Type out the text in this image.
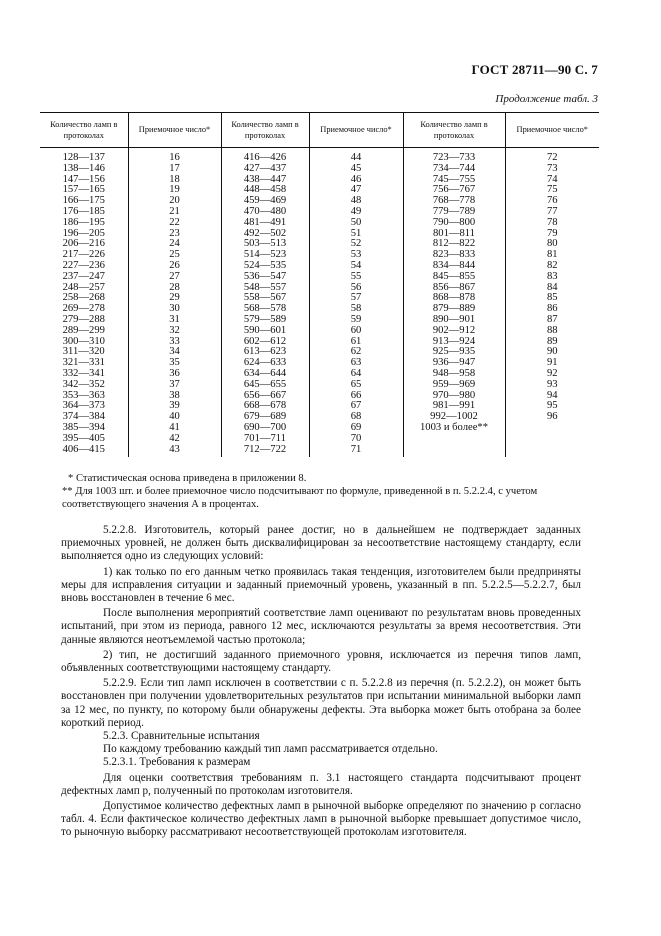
ГОСТ 28711—90 С. 7
Продолжение табл. 3
Количество ламп в протоколах	Приемочное число*	Количество ламп в протоколах	Приемочное число*	Количество ламп в протоколах	Приемочное число*

128—137	16	416—426	44	723—733	72
138—146	17	427—437	45	734—744	73
147—156	18	438—447	46	745—755	74
157—165	19	448—458	47	756—767	75
166—175	20	459—469	48	768—778	76
176—185	21	470—480	49	779—789	77
186—195	22	481—491	50	790—800	78
196—205	23	492—502	51	801—811	79
206—216	24	503—513	52	812—822	80
217—226	25	514—523	53	823—833	81
227—236	26	524—535	54	834—844	82
237—247	27	536—547	55	845—855	83
248—257	28	548—557	56	856—867	84
258—268	29	558—567	57	868—878	85
269—278	30	568—578	58	879—889	86
279—288	31	579—589	59	890—901	87
289—299	32	590—601	60	902—912	88
300—310	33	602—612	61	913—924	89
311—320	34	613—623	62	925—935	90
321—331	35	624—633	63	936—947	91
332—341	36	634—644	64	948—958	92
342—352	37	645—655	65	959—969	93
353—363	38	656—667	66	970—980	94
364—373	39	668—678	67	981—991	95
374—384	40	679—689	68	992—1002	96
385—394	41	690—700	69	1003 и более**	
395—405	42	701—711	70		
406—415	43	712—722	71		

* Статистическая основа приведена в приложении 8.

** Для 1003 шт. и более приемочное число подсчитывают по формуле, приведенной в п. 5.2.2.4, с учетом соответствующего значения А в процентах.

5.2.2.8. Изготовитель, который ранее достиг, но в дальнейшем не подтверждает заданных приемочных уровней, не должен быть дисквалифицирован за несоответствие настоящему стандарту, если выполняется одно из следующих условий:

1) как только по его данным четко проявилась такая тенденция, изготовителем были предприняты меры для исправления ситуации и заданный приемочный уровень, указанный в пп. 5.2.2.5—5.2.2.7, был вновь восстановлен в течение 6 мес.

После выполнения мероприятий соответствие ламп оценивают по результатам вновь проведенных испытаний, при этом из периода, равного 12 мес, исключаются результаты за время несоответствия. Эти данные являются неотъемлемой частью протокола;

2) тип, не достигший заданного приемочного уровня, исключается из перечня типов ламп, объявленных соответствующими настоящему стандарту.

5.2.2.9. Если тип ламп исключен в соответствии с п. 5.2.2.8 из перечня (п. 5.2.2.2), он может быть восстановлен при получении удовлетворительных результатов при испытании минимальной выборки ламп за 12 мес, по пункту, по которому были обнаружены дефекты. Эта выборка может быть отобрана за более короткий период.

5.2.3. Сравнительные испытания

По каждому требованию каждый тип ламп рассматривается отдельно.

5.2.3.1. Требования к размерам

Для оценки соответствия требованиям п. 3.1 настоящего стандарта подсчитывают процент дефектных ламп р, полученный по протоколам изготовителя.

Допустимое количество дефектных ламп в рыночной выборке определяют по значению р согласно табл. 4. Если фактическое количество дефектных ламп в рыночной выборке превышает допустимое число, то рыночную выборку рассматривают несоответствующей протоколам изготовителя.
